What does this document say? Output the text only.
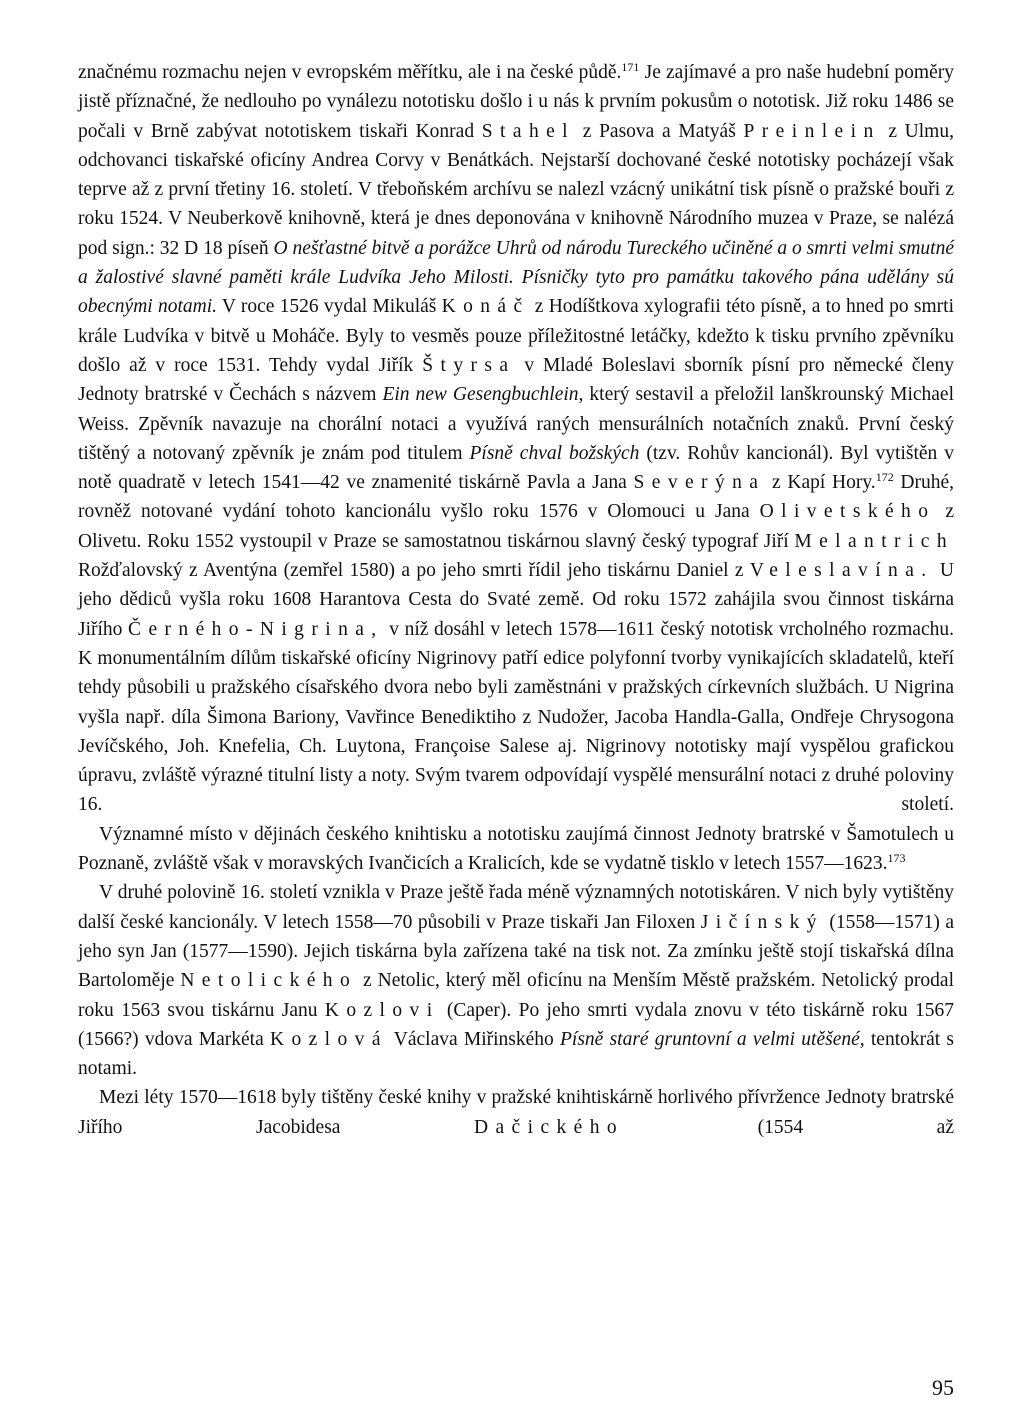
značnému rozmachu nejen v evropském měřítku, ale i na české půdě.$^{171}$ Je zajímavé a pro naše hudební poměry jistě příznačné, že nedlouho po vynálezu nototisku došlo i u nás k prvním pokusům o nototisk. Již roku 1486 se počali v Brně zabývat nototiskem tiskaři Konrad Stahel z Pasova a Matyáš Preinlein z Ulmu, odchovanci tiskařské oficíny Andrea Corvy v Benátkách. Nejstarší dochované české nototisky pocházejí však teprve až z první třetiny 16. století. V třeboňském archívu se nalezl vzácný unikátní tisk písně o pražské bouři z roku 1524. V Neuberkově knihovně, která je dnes deponována v knihovně Národního muzea v Praze, se nalézá pod sign.: 32 D 18 píseň O nešťastné bitvě a porážce Uhrů od národu Tureckého učiněné a o smrti velmi smutné a žalostivé slavné paměti krále Ludvíka Jeho Milosti. Písničky tyto pro památku takového pána udělány sú obecnými notami. V roce 1526 vydal Mikuláš Konáč z Hodíštkova xylografii této písně, a to hned po smrti krále Ludvíka v bitvě u Moháče. Byly to vesměs pouze příležitostné letáčky, kdežto k tisku prvního zpěvníku došlo až v roce 1531. Tehdy vydal Jiřík Štyrsa v Mladé Boleslavi sborník písní pro německé členy Jednoty bratrské v Čechách s názvem Ein new Gesengbuchlein, který sestavil a přeložil lanškrounský Michael Weiss. Zpěvník navazuje na chorální notaci a využívá raných mensurálních notačních znaků. První český tištěný a notovaný zpěvník je znám pod titulem Písně chval božských (tzv. Rohův kancionál). Byl vytištěn v notě quadratě v letech 1541—42 ve znamenité tiskárně Pavla a Jana Severýna z Kapí Hory.$^{172}$ Druhé, rovněž notované vydání tohoto kancionálu vyšlo roku 1576 v Olomouci u Jana Olivetského z Olivetu. Roku 1552 vystoupil v Praze se samostatnou tiskárnou slavný český typograf Jiří Melantrich Rožďalovský z Aventýna (zemřel 1580) a po jeho smrti řídil jeho tiskárnu Daniel z Veleslavína. U jeho dědiců vyšla roku 1608 Harantova Cesta do Svaté země. Od roku 1572 zahájila svou činnost tiskárna Jiřího Černého-Nigrina, v níž dosáhl v letech 1578—1611 český nototisk vrcholného rozmachu. K monumentálním dílům tiskařské oficíny Nigrinovy patří edice polyfonní tvorby vynikajících skladatelů, kteří tehdy působili u pražského císařského dvora nebo byli zaměstnáni v pražských církevních službách. U Nigrina vyšla např. díla Šimona Bariony, Vavřince Benediktiho z Nudožer, Jacoba Handla-Galla, Ondřeje Chrysogona Jevíčského, Joh. Knefelia, Ch. Luytona, Françoise Salese aj. Nigrinovy nototisky mají vyspělou grafickou úpravu, zvláště výrazné titulní listy a noty. Svým tvarem odpovídají vyspělé mensurální notaci z druhé poloviny 16. století.

Významné místo v dějinách českého knihtisku a nototisku zaujímá činnost Jednoty bratrské v Šamotulech u Poznaně, zvláště však v moravských Ivančicích a Kralicích, kde se vydatně tisklo v letech 1557—1623.$^{173}$

V druhé polovině 16. století vznikla v Praze ještě řada méně významných nototiskáren. V nich byly vytištěny další české kancionály. V letech 1558—70 působili v Praze tiskaři Jan Filoxen Jičínský (1558—1571) a jeho syn Jan (1577—1590). Jejich tiskárna byla zařízena také na tisk not. Za zmínku ještě stojí tiskařská dílna Bartoloměje Netolického z Netolic, který měl oficínu na Menším Městě pražském. Netolický prodal roku 1563 svou tiskárnu Janu Kozlovi (Caper). Po jeho smrti vydala znovu v této tiskárně roku 1567 (1566?) vdova Markéta Kozlová Václava Miřinského Písně staré gruntovní a velmi utěšené, tentokrát s notami.

Mezi léty 1570—1618 byly tištěny české knihy v pražské knihtiskárně horlivého přívržence Jednoty bratrské Jiřího Jacobidesa Dačického (1554 až

95
